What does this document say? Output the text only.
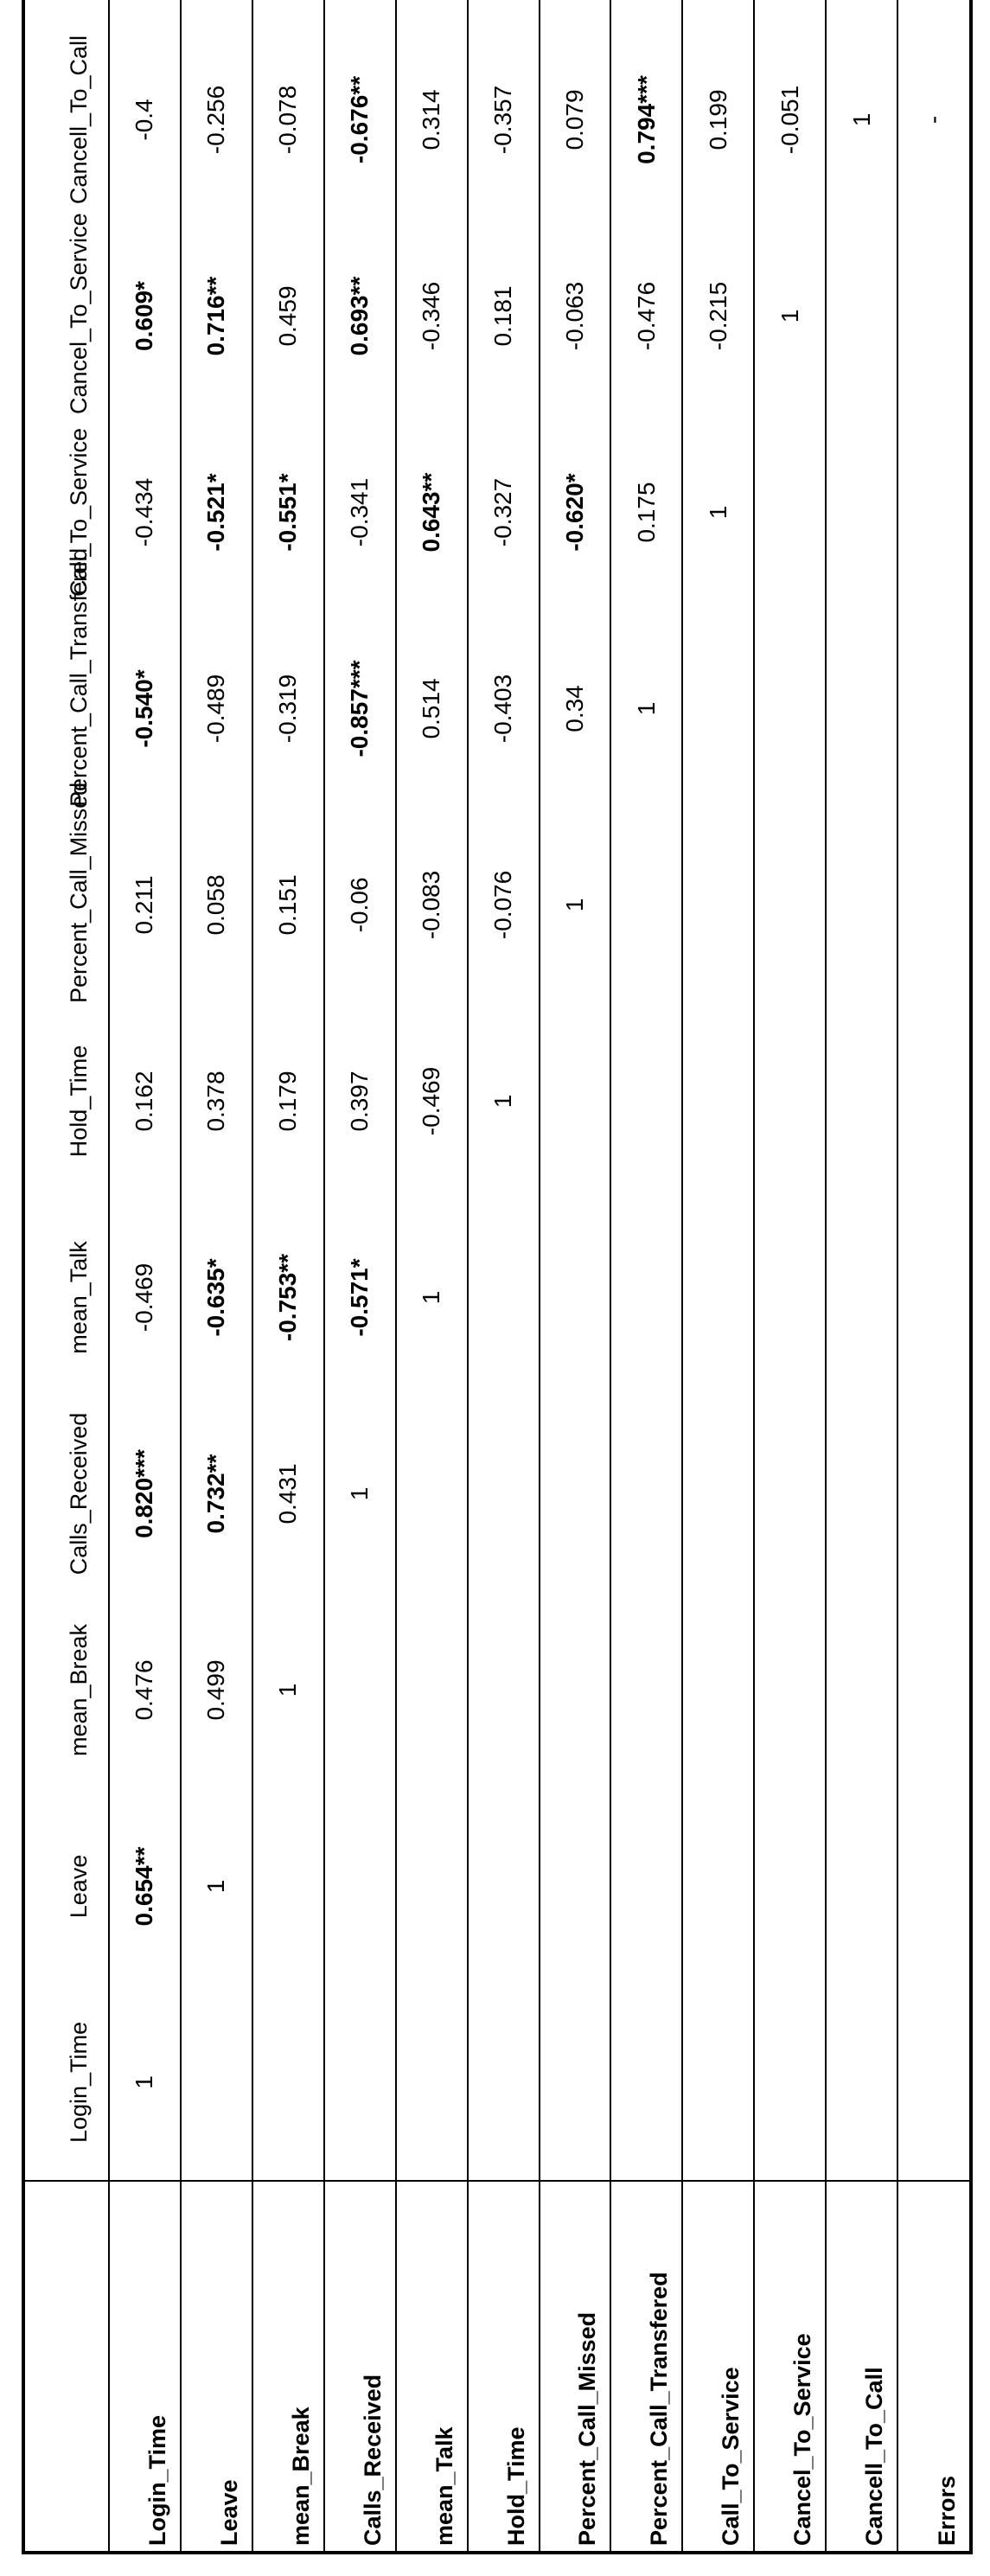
	Login_Time	Leave	mean_Break	Calls_Received	mean_Talk	Hold_Time	Percent_Call_Missed	Percent_Call_Transfered	Call_To_Service	Cancel_To_Service	Cancell_To_Call	
Login_Time	1	0.654**	0.476	0.820***	-0.469	0.162	0.211	-0.540*	-0.434	0.609*	-0.4	
Leave		1	0.499	0.732**	-0.635*	0.378	0.058	-0.489	-0.521*	0.716**	-0.256	
mean_Break			1	0.431	-0.753**	0.179	0.151	-0.319	-0.551*	0.459	-0.078	
Calls_Received				1	-0.571*	0.397	-0.06	-0.857***	-0.341	0.693**	-0.676**	
mean_Talk					1	-0.469	-0.083	0.514	0.643**	-0.346	0.314	
Hold_Time						1	-0.076	-0.403	-0.327	0.181	-0.357	
Percent_Call_Missed							1	0.34	-0.620*	-0.063	0.079	
Percent_Call_Transfered								1	0.175	-0.476	0.794***	
Call_To_Service									1	-0.215	0.199	
Cancel_To_Service										1	-0.051	
Cancell_To_Call											1	
Errors											-	
